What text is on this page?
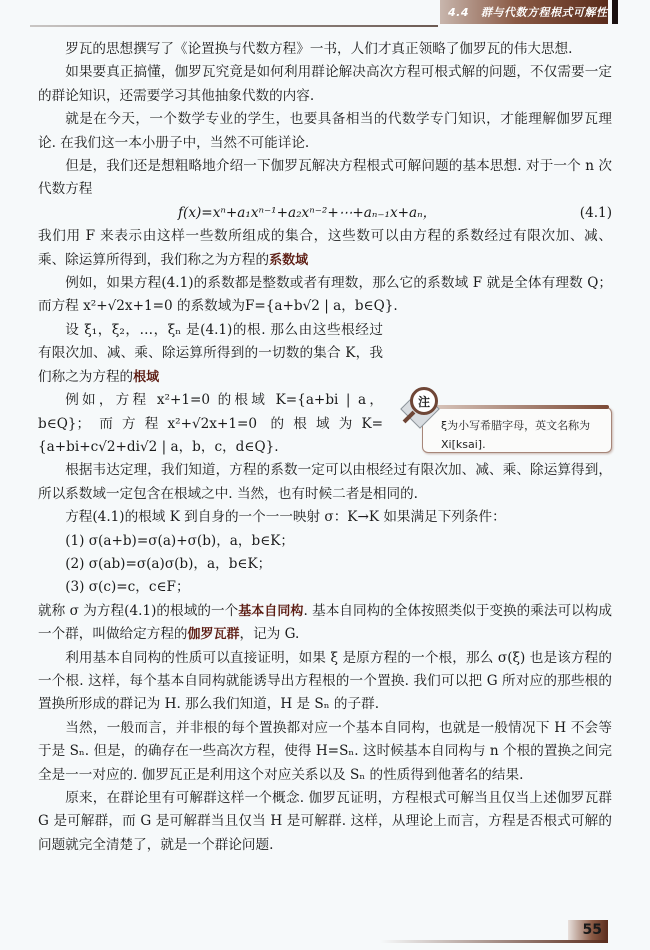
4.4 群与代数方程根式可解性

罗瓦的思想撰写了《论置换与代数方程》一书，人们才真正领略了伽罗瓦的伟大思想.

如果要真正搞懂，伽罗瓦究竟是如何利用群论解决高次方程可根式解的问题，不仅需要一定的群论知识，还需要学习其他抽象代数的内容.

就是在今天，一个数学专业的学生，也要具备相当的代数学专门知识，才能理解伽罗瓦理论. 在我们这一本小册子中，当然不可能详论.

但是，我们还是想粗略地介绍一下伽罗瓦解决方程根式可解问题的基本思想. 对于一个 n 次代数方程

f(x)=xⁿ+a₁xⁿ⁻¹+a₂xⁿ⁻²+⋯+aₙ₋₁x+aₙ，	(4.1)

我们用 F 来表示由这样一些数所组成的集合，这些数可以由方程的系数经过有限次加、减、乘、除运算所得到，我们称之为方程的系数域

例如，如果方程(4.1)的系数都是整数或者有理数，那么它的系数域 F 就是全体有理数 Q；而方程 x²+√2x+1=0 的系数域为F={a+b√2 | a，b∈Q}.

设 ξ₁，ξ₂，…，ξₙ 是(4.1)的根. 那么由这些根经过有限次加、减、乘、除运算所得到的一切数的集合 K，我们称之为方程的根域

例如，方程 x²+1=0 的根域 K={a+bi | a，b∈Q}；而方程x²+√2x+1=0 的根域为K={a+bi+c√2+di√2 | a，b，c，d∈Q}.

根据韦达定理，我们知道，方程的系数一定可以由根经过有限次加、减、乘、除运算得到，所以系数域一定包含在根域之中. 当然，也有时候二者是相同的.

方程(4.1)的根域 K 到自身的一个一一映射 σ：K→K 如果满足下列条件：

(1) σ(a+b)=σ(a)+σ(b)，a，b∈K；
(2) σ(ab)=σ(a)σ(b)，a，b∈K；
(3) σ(c)=c，c∈F；

就称 σ 为方程(4.1)的根域的一个基本自同构. 基本自同构的全体按照类似于变换的乘法可以构成一个群，叫做给定方程的伽罗瓦群，记为 G.

利用基本自同构的性质可以直接证明，如果 ξ 是原方程的一个根，那么 σ(ξ) 也是该方程的一个根. 这样，每个基本自同构就能诱导出方程根的一个置换. 我们可以把 G 所对应的那些根的置换所形成的群记为 H. 那么我们知道，H 是 Sₙ 的子群.

当然，一般而言，并非根的每个置换都对应一个基本自同构，也就是一般情况下 H 不会等于是 Sₙ. 但是，的确存在一些高次方程，使得 H=Sₙ. 这时候基本自同构与 n 个根的置换之间完全是一一对应的. 伽罗瓦正是利用这个对应关系以及 Sₙ 的性质得到他著名的结果.

原来，在群论里有可解群这样一个概念. 伽罗瓦证明，方程根式可解当且仅当上述伽罗瓦群 G 是可解群，而 G 是可解群当且仅当 H 是可解群. 这样，从理论上而言，方程是否根式可解的问题就完全清楚了，就是一个群论问题.

ξ为小写希腊字母，英文名称为 Xi[ksai].
注
55
